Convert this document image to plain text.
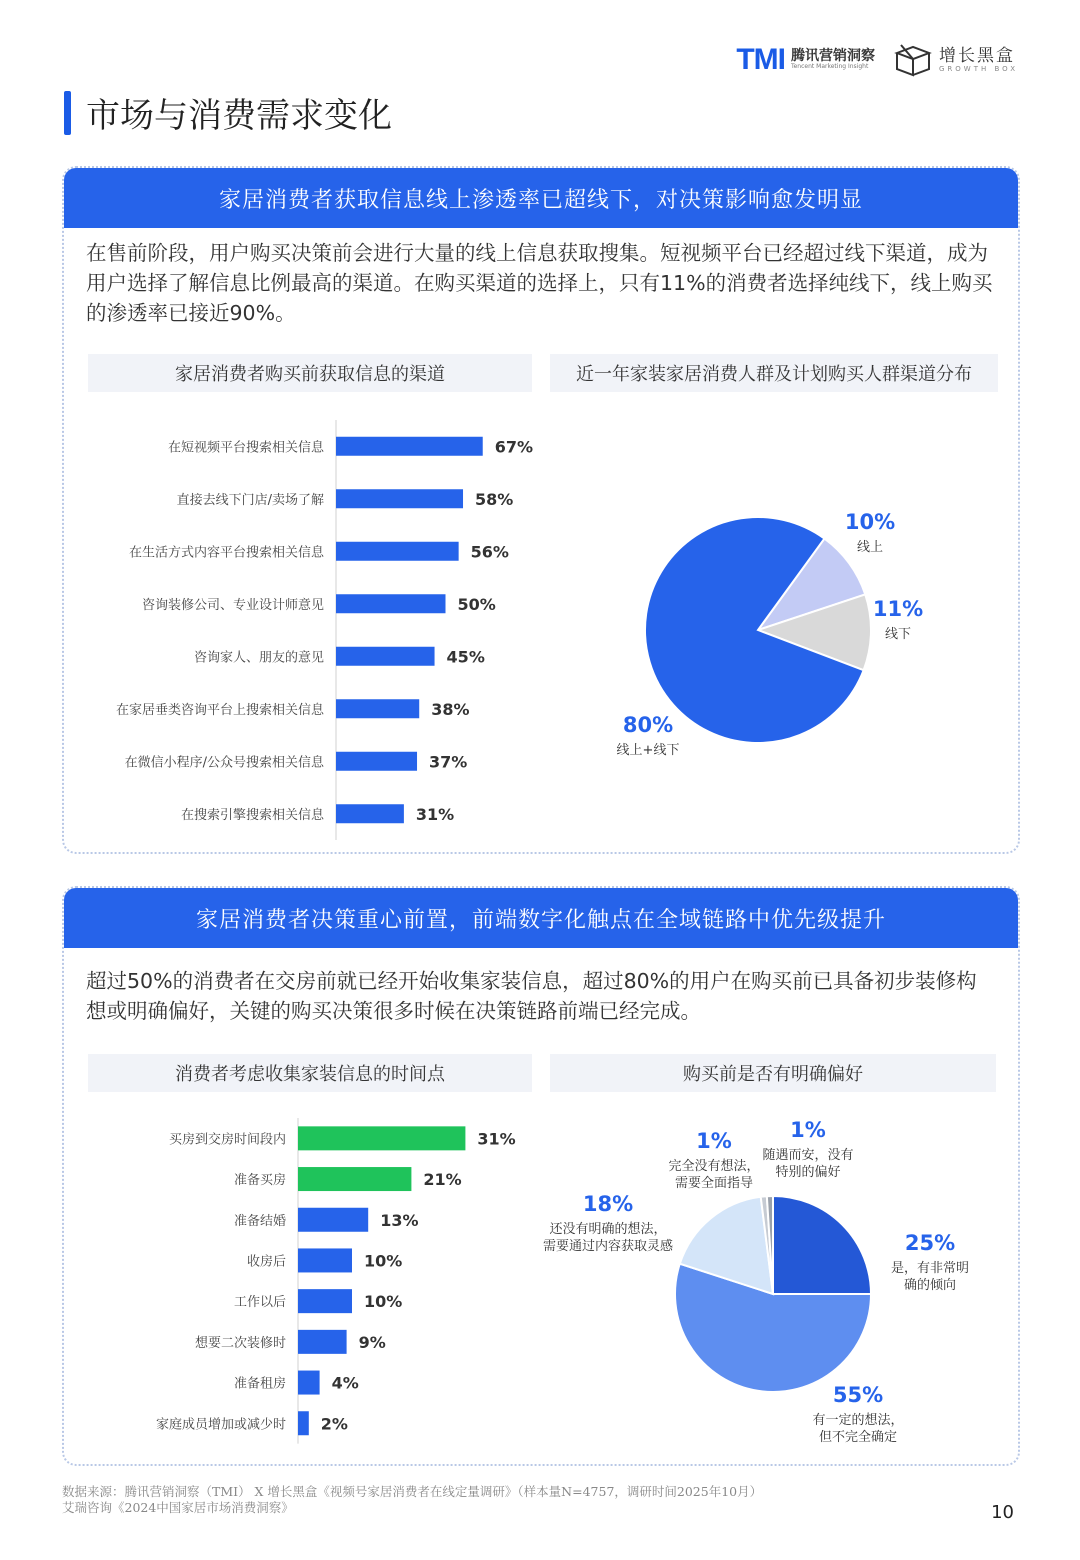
TMI 腾讯营销洞察
Tencent Marketing Insight
增长黑盒
GROWTH BOX
市场与消费需求变化
家居消费者获取信息线上渗透率已超线下，对决策影响愈发明显
在售前阶段，用户购买决策前会进行大量的线上信息获取搜集。短视频平台已经超过线下渠道，成为用户选择了解信息比例最高的渠道。在购买渠道的选择上，只有11%的消费者选择纯线下，线上购买的渗透率已接近90%。
家居消费者购买前获取信息的渠道	近一年家装家居消费人群及计划购买人群渠道分布
家居消费者决策重心前置，前端数字化触点在全域链路中优先级提升
超过50%的消费者在交房前就已经开始收集家装信息，超过80%的用户在购买前已具备初步装修构想或明确偏好，关键的购买决策很多时候在决策链路前端已经完成。
消费者考虑收集家装信息的时间点	购买前是否有明确偏好
在短视频平台搜索相关信息	67%
直接去线下门店/卖场了解	58%
在生活方式内容平台搜索相关信息	56%
咨询装修公司、专业设计师意见	50%
咨询家人、朋友的意见	45%
在家居垂类咨询平台上搜索相关信息	38%
在微信小程序/公众号搜索相关信息	37%
在搜索引擎搜索相关信息	31%
10%
线上
11%
线下
80%
线上+线下
买房到交房时间段内	31%
准备买房	21%
准备结婚	13%
收房后	10%
工作以后	10%
想要二次装修时	9%
准备租房	4%
家庭成员增加或减少时 2%
25%
是，有非常明
确的倾向
55%
有一定的想法，
但不完全确定
18%
还没有明确的想法，
需要通过内容获取灵感
1%
完全没有想法，
需要全面指导
1%
随遇而安，没有
特别的偏好
数据来源：腾讯营销洞察（TMI） X 增长黑盒《视频号家居消费者在线定量调研》（样本量N=4757，调研时间2025年10月）
艾瑞咨询《2024中国家居市场消费洞察》	10
